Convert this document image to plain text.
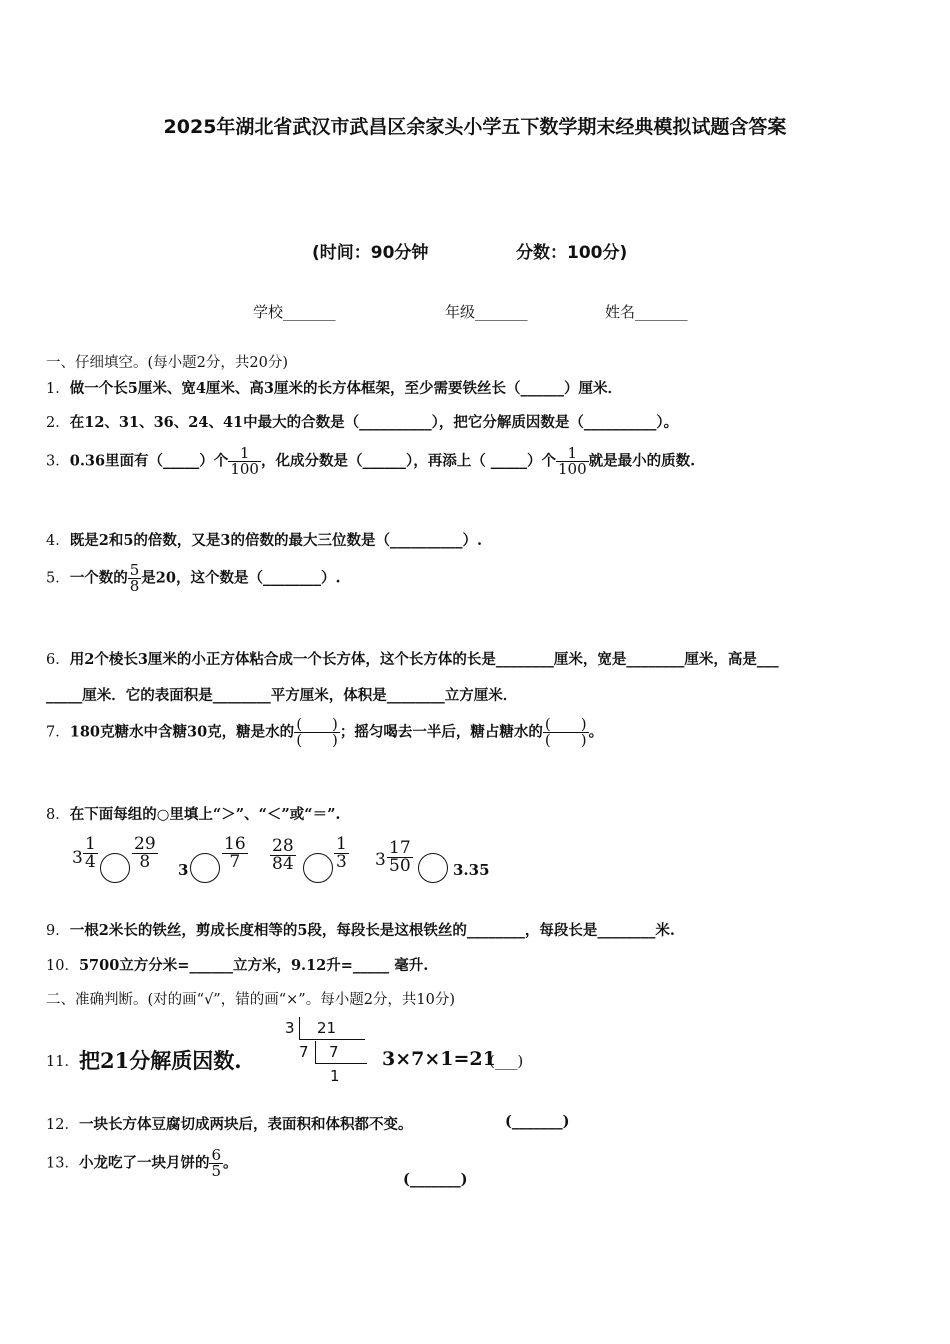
2025年湖北省武汉市武昌区余家头小学五下数学期末经典模拟试题含答案
(时间：90分钟	分数：100分)
学校_______	年级_______	姓名_______
一、仔细填空。(每小题2分，共20分)
1．做一个长5厘米、宽4厘米、高3厘米的长方体框架，至少需要铁丝长（______）厘米．
2．在12、31、36、24、41中最大的合数是（__________），把它分解质因数是（__________）。
3．0.36里面有（_____）个 $\frac{1}{100}$ ，化成分数是（______），再添上（ _____）个 $\frac{1}{100}$ 就是最小的质数.
4．既是2和5的倍数，又是3的倍数的最大三位数是（__________）.
5．一个数的 $\frac{5}{8}$ 是20，这个数是（________）.
6．用2个棱长3厘米的小正方体粘合成一个长方体，这个长方体的长是________厘米，宽是________厘米，高是___
_____厘米．它的表面积是________平方厘米，体积是________立方厘米．
7．180克糖水中含糖30克，糖是水的 $\frac{( )}{( )}$ ；摇匀喝去一半后，糖占糖水的 $\frac{( )}{( )}$ 。
8．在下面每组的○里填上“＞”、“＜”或“＝”.
$3 \frac{1}{4} \frac{29}{8} 3 \frac{16}{7} \frac{28}{84} \frac{1}{3} 3 \frac{17}{50}$	3.35
9．一根2米长的铁丝，剪成长度相等的5段，每段长是这根铁丝的________，每段长是________米.
10．5700立方分米=______立方米，9.12升=_____ 毫升.
二、准确判断。(对的画“√”，错的画“×”。每小题2分，共10分)
11． 把21分解质因数.
3 21
7 7
1
3×7×1=21
(___)
12．一块长方体豆腐切成两块后，表面积和体积都不变。	(_______)
13．小龙吃了一块月饼的 $\frac{6}{5}$ 。
(_______)
